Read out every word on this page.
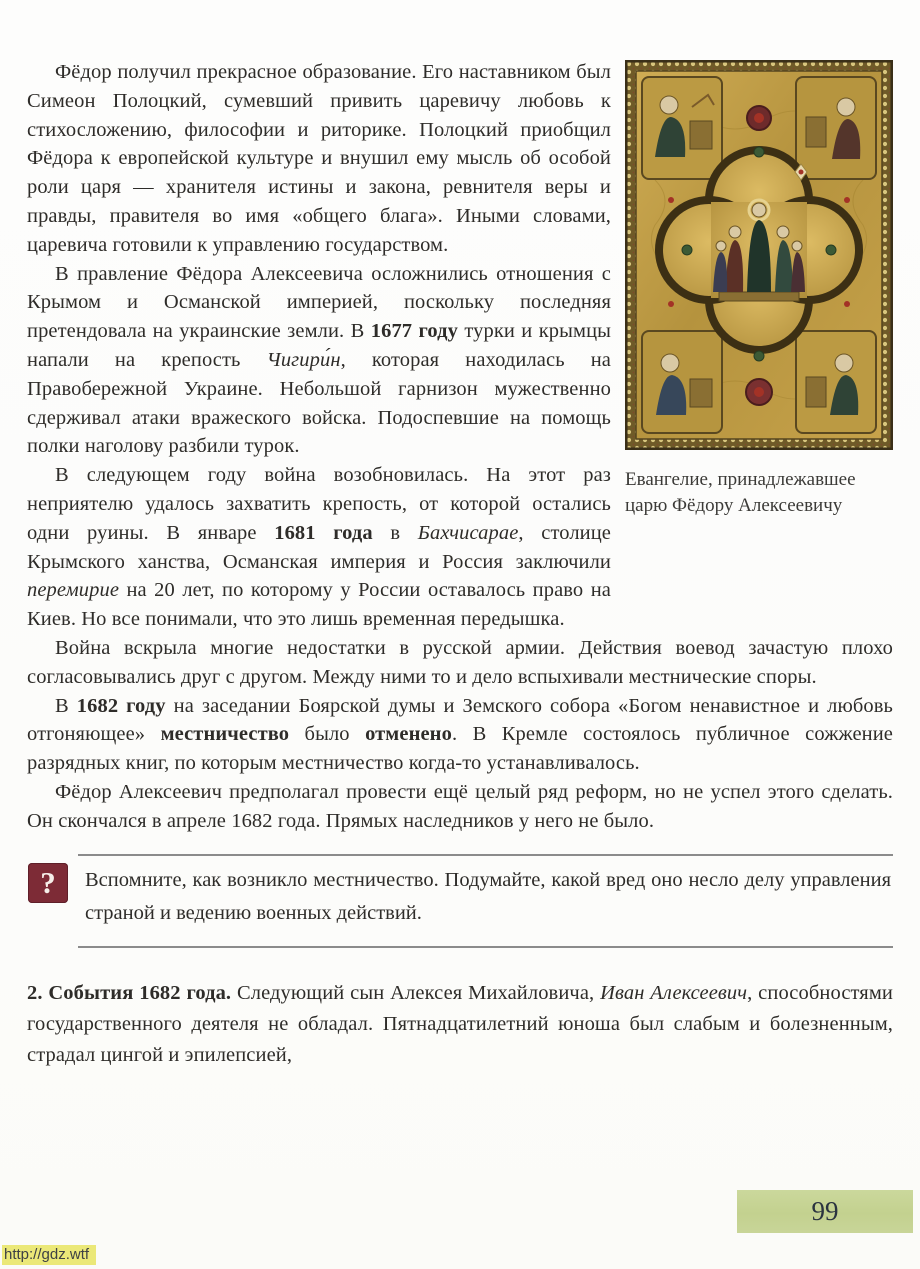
Евангелие, принадлежавшее царю Фёдору Алексеевичу

Фёдор получил прекрасное образование. Его наставником был Симеон Полоцкий, сумевший привить царевичу любовь к стихосложению, философии и риторике. Полоцкий приобщил Фёдора к европейской культуре и внушил ему мысль об особой роли царя — хранителя истины и закона, ревнителя веры и правды, правителя во имя «общего блага». Иными словами, царевича готовили к управлению государством.

В правление Фёдора Алексеевича осложнились отношения с Крымом и Османской империей, поскольку последняя претендовала на украинские земли. В 1677 году турки и крымцы напали на крепость Чигири́н, которая находилась на Правобережной Украине. Небольшой гарнизон мужественно сдерживал атаки вражеского войска. Подоспевшие на помощь полки наголову разбили турок.

В следующем году война возобновилась. На этот раз неприятелю удалось захватить крепость, от которой остались одни руины. В январе 1681 года в Бахчисарае, столице Крымского ханства, Османская империя и Россия заключили перемирие на 20 лет, по которому у России оставалось право на Киев. Но все понимали, что это лишь временная передышка.

Война вскрыла многие недостатки в русской армии. Действия воевод зачастую плохо согласовывались друг с другом. Между ними то и дело вспыхивали местнические споры.

В 1682 году на заседании Боярской думы и Земского собора «Богом ненавистное и любовь отгоняющее» местничество было отменено. В Кремле состоялось публичное сожжение разрядных книг, по которым местничество когда-то устанавливалось.

Фёдор Алексеевич предполагал провести ещё целый ряд реформ, но не успел этого сделать. Он скончался в апреле 1682 года. Прямых наследников у него не было.

?	Вспомните, как возникло местничество. Подумайте, какой вред оно несло делу управления страной и ведению военных действий.

2. События 1682 года. Следующий сын Алексея Михайловича, Иван Алексеевич, способностями государственного деятеля не обладал. Пятнадцатилетний юноша был слабым и болезненным, страдал цингой и эпилепсией,

99
http://gdz.wtf
